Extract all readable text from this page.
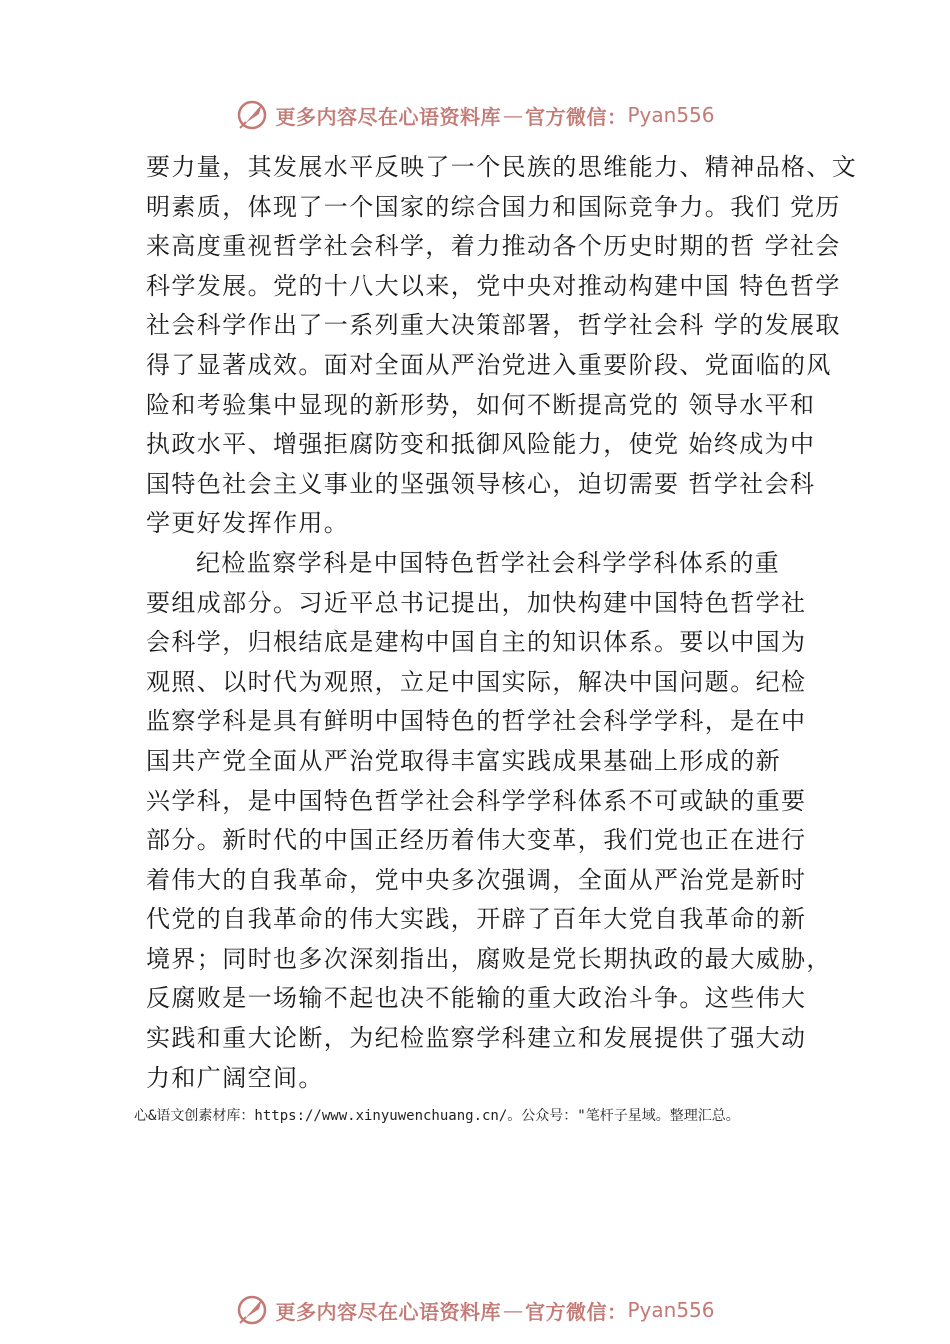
更多内容尽在心语资料库 — 官方微信： Pyan556
要力量，其发展水平反映了一个民族的思维能力、精神品格、文
明素质，体现了一个国家的综合国力和国际竞争力。我们 党历
来高度重视哲学社会科学，着力推动各个历史时期的哲 学社会
科学发展。党的十八大以来，党中央对推动构建中国 特色哲学
社会科学作出了一系列重大决策部署，哲学社会科 学的发展取
得了显著成效。面对全面从严治党进入重要阶段、党面临的风
险和考验集中显现的新形势，如何不断提高党的 领导水平和
执政水平、增强拒腐防变和抵御风险能力，使党 始终成为中
国特色社会主义事业的坚强领导核心，迫切需要 哲学社会科
学更好发挥作用。
纪检监察学科是中国特色哲学社会科学学科体系的重
要组成部分。习近平总书记提出，加快构建中国特色哲学社
会科学，归根结底是建构中国自主的知识体系。要以中国为
观照、以时代为观照，立足中国实际，解决中国问题。纪检
监察学科是具有鲜明中国特色的哲学社会科学学科，是在中
国共产党全面从严治党取得丰富实践成果基础上形成的新
兴学科，是中国特色哲学社会科学学科体系不可或缺的重要
部分。新时代的中国正经历着伟大变革，我们党也正在进行
着伟大的自我革命，党中央多次强调，全面从严治党是新时
代党的自我革命的伟大实践，开辟了百年大党自我革命的新
境界；同时也多次深刻指出，腐败是党长期执政的最大威胁，
反腐败是一场输不起也决不能输的重大政治斗争。这些伟大
实践和重大论断，为纪检监察学科建立和发展提供了强大动
力和广阔空间。
心&语文创素材库：https://www.xinyuwenchuang.cn/。公众号："笔杆子星域。整理汇总。
更多内容尽在心语资料库 — 官方微信： Pyan556
